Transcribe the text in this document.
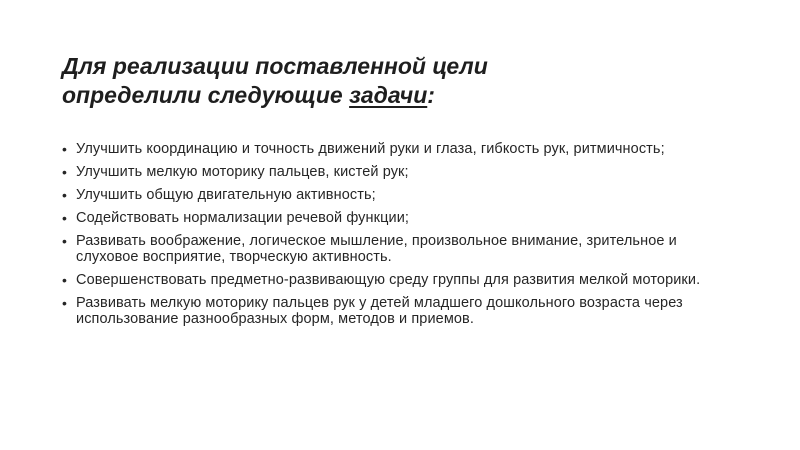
Для реализации поставленной цели
определили следующие задачи:
• Улучшить координацию и точность движений руки и глаза, гибкость рук, ритмичность;
• Улучшить мелкую моторику пальцев, кистей рук;
• Улучшить общую двигательную активность;
• Содействовать нормализации речевой функции;
• Развивать воображение, логическое мышление, произвольное внимание, зрительное и слуховое восприятие, творческую активность.
• Совершенствовать предметно-развивающую среду группы для развития мелкой моторики.
• Развивать мелкую моторику пальцев рук у детей младшего дошкольного возраста через использование разнообразных форм, методов и приемов.
